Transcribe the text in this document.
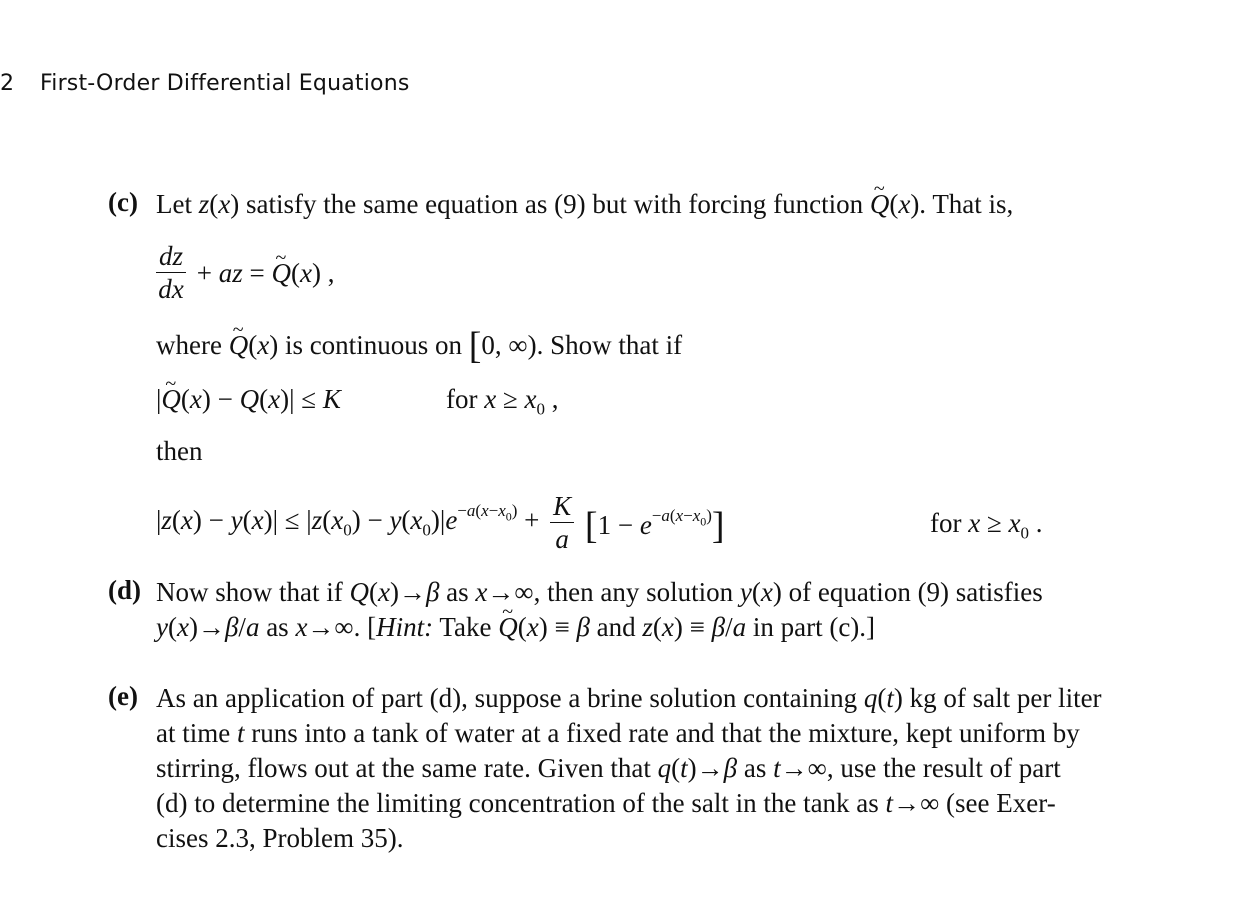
2 First-Order Differential Equations
(c) Let z(x) satisfy the same equation as (9) but with forcing function ~ Q(x). That is,
$\frac{dz}{dx}$ + az = ~ Q(x) ,
where ~ Q(x) is continuous on [0, ∞). Show that if
|~ Q(x) − Q(x)| ≤ K	for $x \ge x_0$ ,
then
$|z(x) - y(x)| \le |z(x_0) - y(x_0)|e^{-a(x-x_0)} + \frac{K}{a} [1 - e^{-a(x-x_0)}]$	for $x \ge x_0$ .
(d) Now show that if Q(x)→β as x→∞, then any solution y(x) of equation (9) satisfies
y(x)→β/a as x→∞. [Hint: Take ~ Q(x) ≡ β and z(x) ≡ β/a in part (c).]
(e) As an application of part (d), suppose a brine solution containing q(t) kg of salt per liter
at time t runs into a tank of water at a fixed rate and that the mixture, kept uniform by
stirring, flows out at the same rate. Given that q(t)→β as t→∞, use the result of part
(d) to determine the limiting concentration of the salt in the tank as t→∞ (see Exer-
cises 2.3, Problem 35).
